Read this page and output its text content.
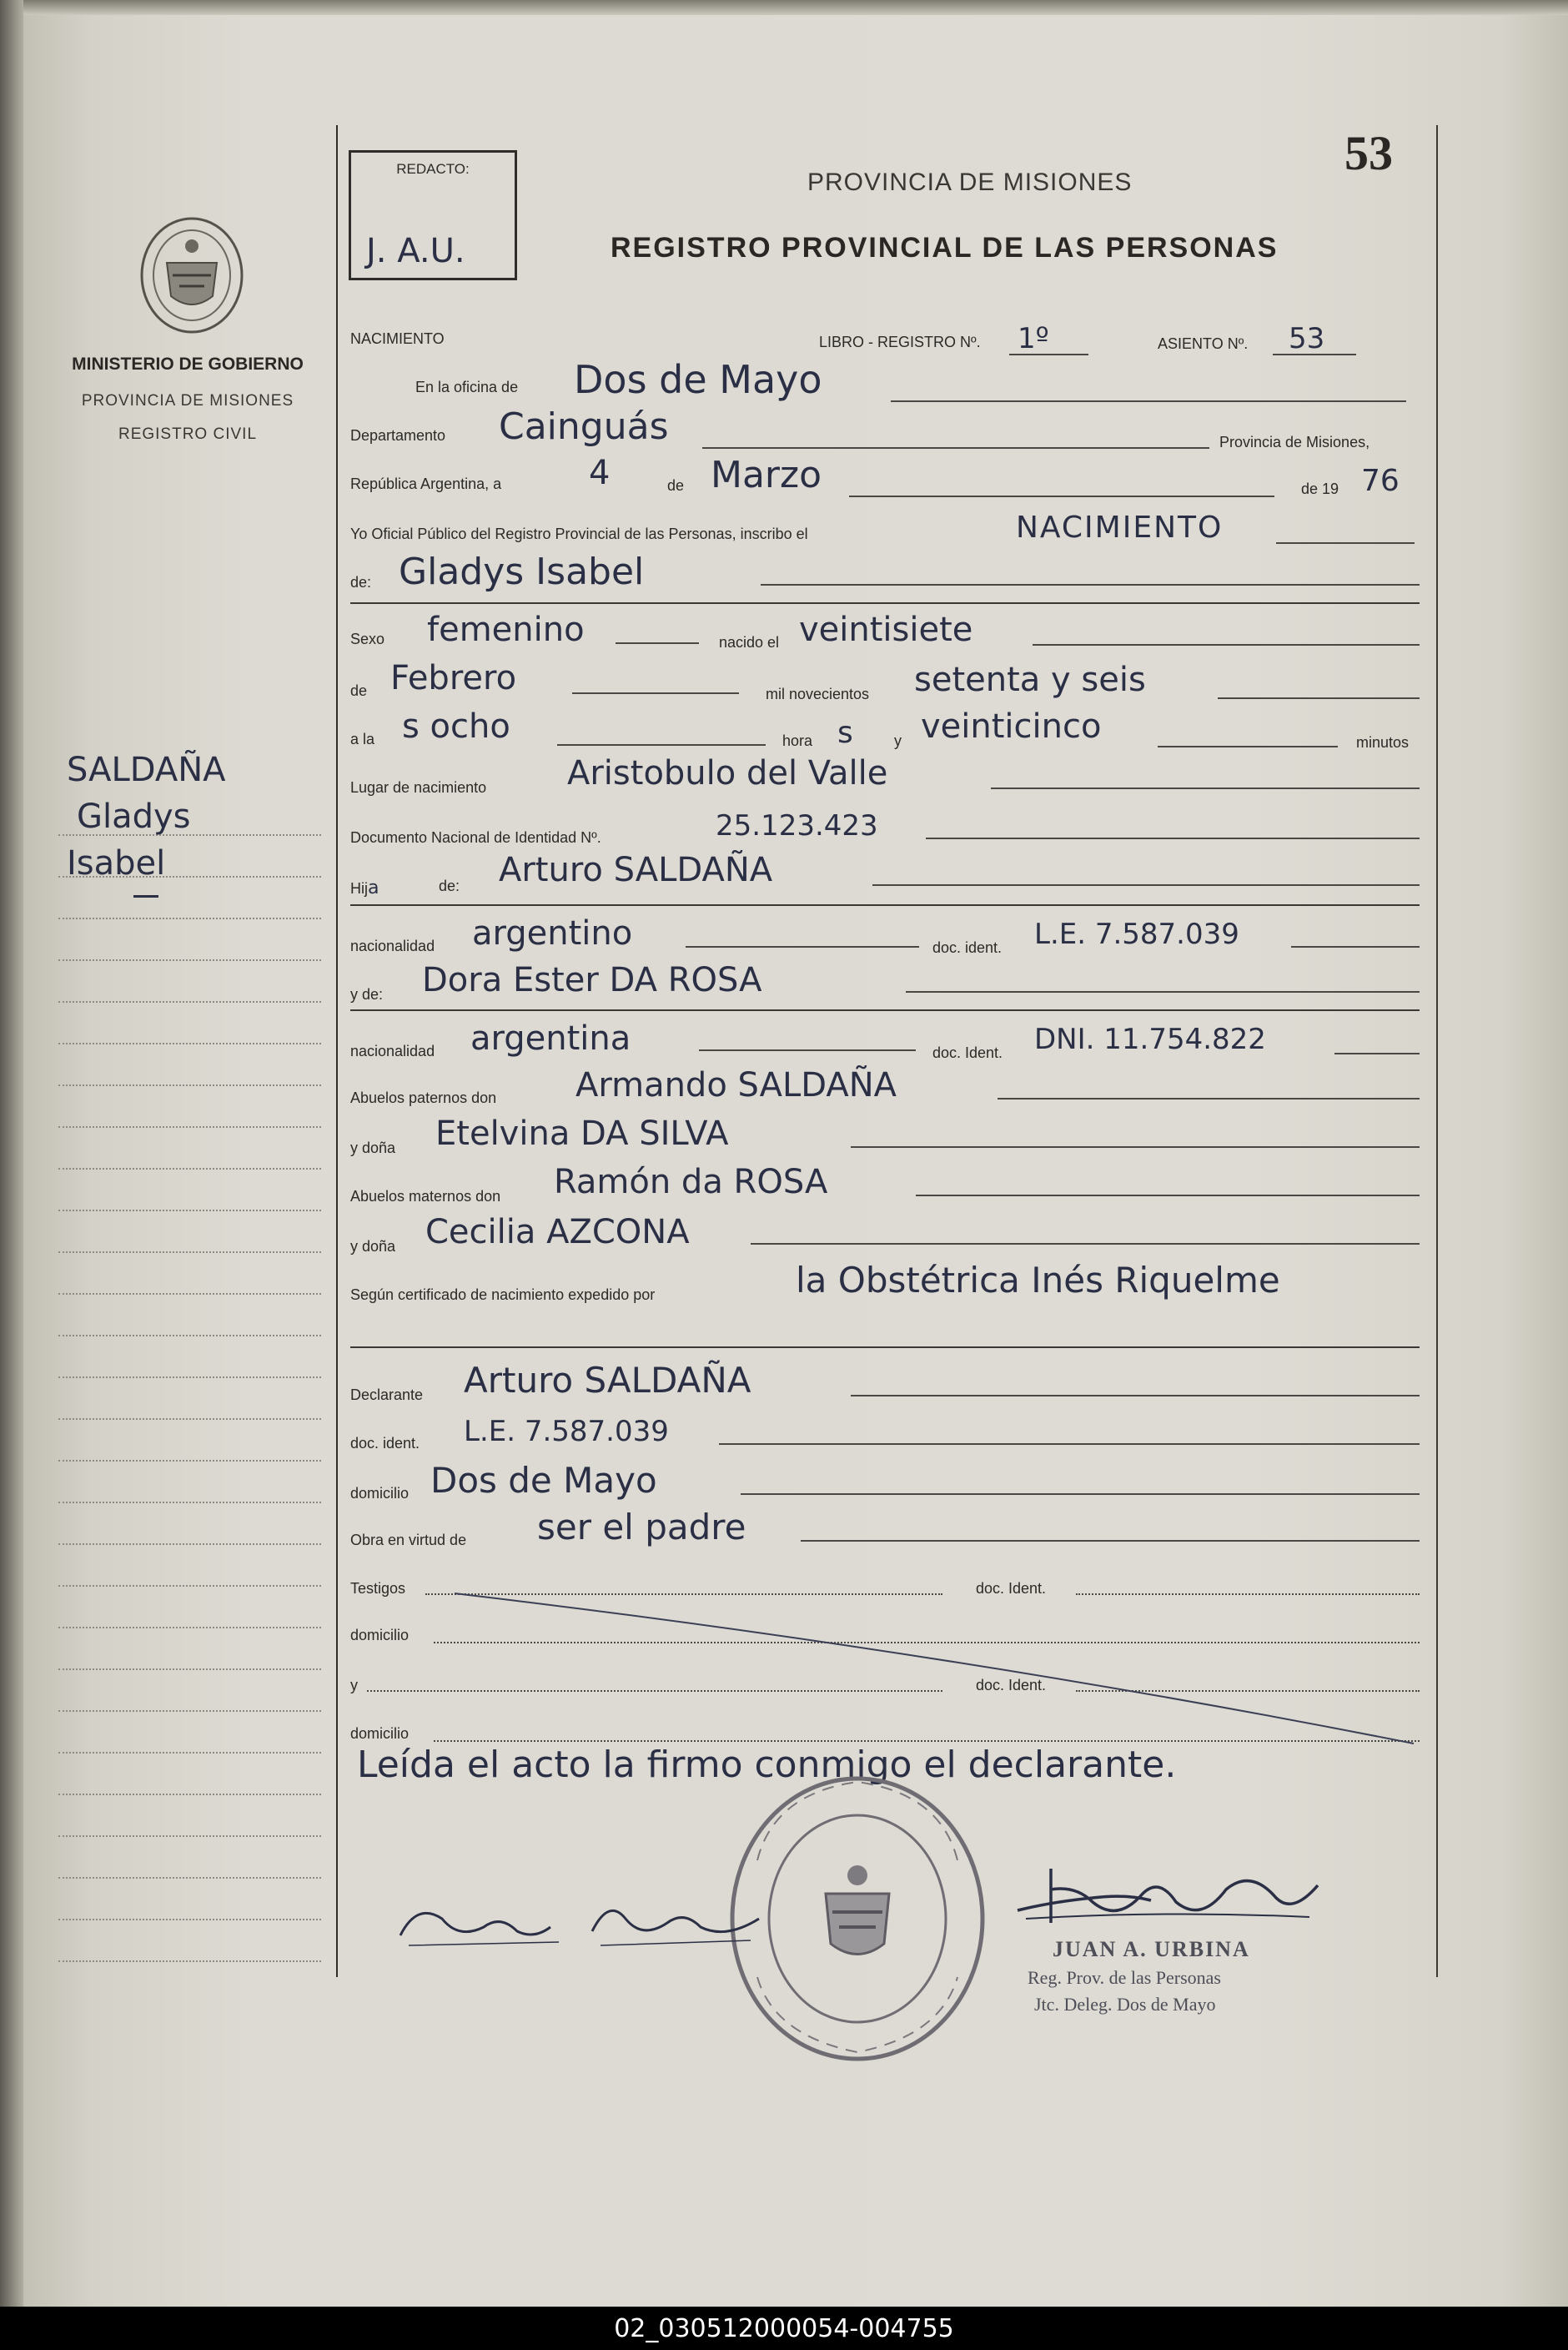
MINISTERIO DE GOBIERNO
PROVINCIA DE MISIONES
REGISTRO CIVIL
SALDAÑA
Gladys
Isabel
REDACTO:
J. A.U.
PROVINCIA DE MISIONES
REGISTRO PROVINCIAL DE LAS PERSONAS
53
NACIMIENTO	LIBRO - REGISTRO Nº. 1º	ASIENTO Nº. 53
En la oficina de Dos de Mayo
Departamento Cainguás	Provincia de Misiones,
República Argentina, a	4	de Marzo	de 19 76
Yo Oficial Público del Registro Provincial de las Personas, inscribo el	NACIMIENTO
de: Gladys Isabel
Sexo femenino	nacido el veintisiete
de Febrero	mil novecientos setenta y seis
a la s ocho	hora s	y veinticinco	minutos
Lugar de nacimiento Aristobulo del Valle
Documento Nacional de Identidad Nº.	25.123.423
Hija	de: Arturo SALDAÑA
nacionalidad argentino	doc. ident. L.E. 7.587.039
y de: Dora Ester DA ROSA
nacionalidad argentina	doc. Ident. DNI. 11.754.822
Abuelos paternos don Armando SALDAÑA
y doña Etelvina DA SILVA
Abuelos maternos don Ramón da ROSA
y doña Cecilia AZCONA
Según certificado de nacimiento expedido por	la Obstétrica Inés Riquelme
Declarante Arturo SALDAÑA
doc. ident. L.E. 7.587.039
domicilio Dos de Mayo
Obra en virtud de ser el padre
Testigos	doc. Ident.
domicilio
y	doc. Ident.
domicilio
Leída el acto la firmo conmigo el declarante.
JUAN A. URBINA
Reg. Prov. de las Personas
Jtc. Deleg. Dos de Mayo
02_030512000054-004755
